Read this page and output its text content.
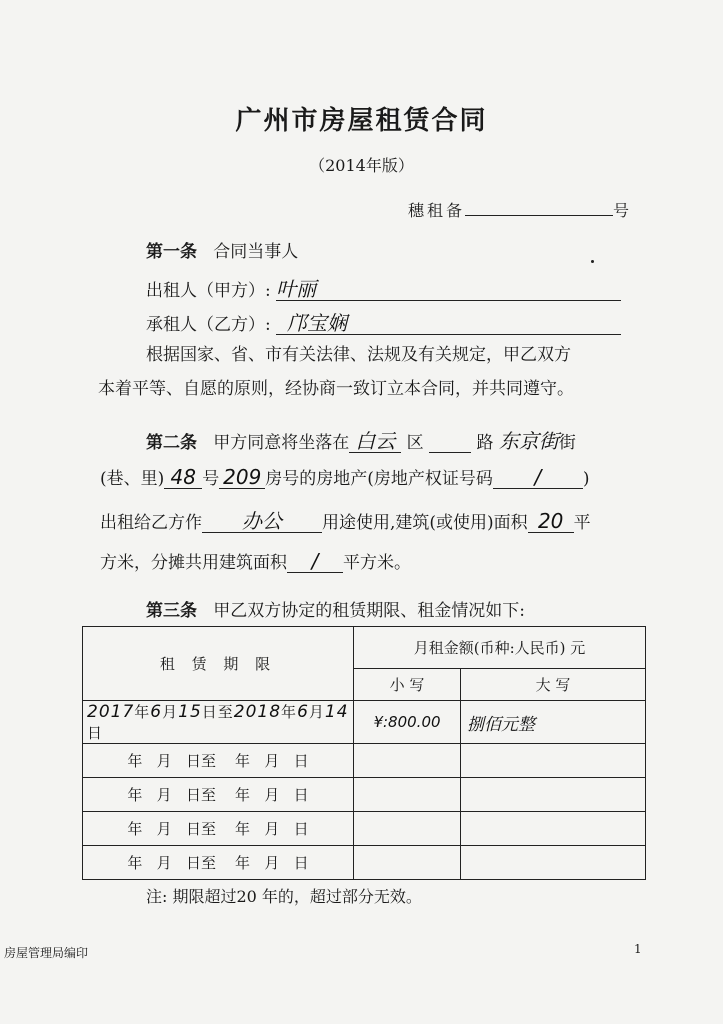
广州市房屋租赁合同
（2014年版）
穗租备	号
第一条 合同当事人
出租人（甲方）: 叶丽
承租人（乙方）: 邝宝娴
根据国家、省、市有关法律、法规及有关规定，甲乙双方
本着平等、自愿的原则，经协商一致订立本合同，并共同遵守。
第二条 甲方同意将坐落在 白云 区	路 东京街街
(巷、里) 48 号 209 房号的房地产(房地产权证号码 / )
出租给乙方作 办公 用途使用,建筑(或使用)面积 20 平
方米，分摊共用建筑面积 / 平方米。
第三条 甲乙双方协定的租赁期限、租金情况如下:
租 赁 期 限	月租金额(币种:人民币) 元	
	小 写	大 写
2017年6月15日至2018年6月14日	¥:800.00	捌佰元整
年   月   日至    年   月   日		
年   月   日至    年   月   日		
年   月   日至    年   月   日		
年   月   日至    年   月   日		
注: 期限超过20 年的，超过部分无效。
房屋管理局编印	1
